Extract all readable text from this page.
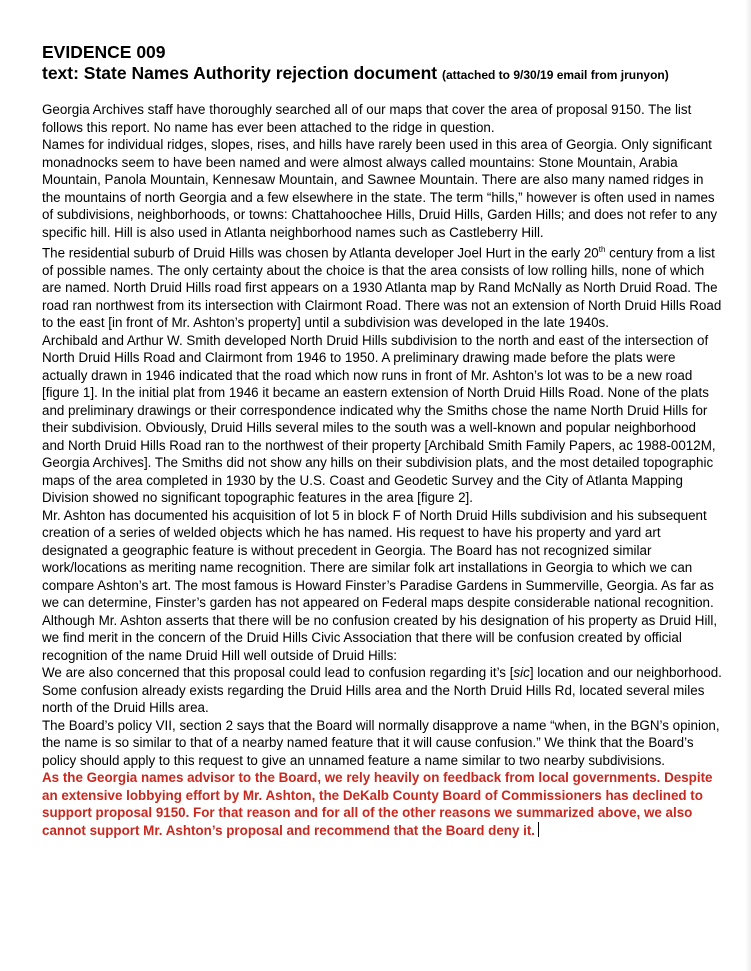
EVIDENCE 009
text: State Names Authority rejection document (attached to 9/30/19 email from jrunyon)

Georgia Archives staff have thoroughly searched all of our maps that cover the area of proposal 9150. The list follows this report. No name has ever been attached to the ridge in question.

Names for individual ridges, slopes, rises, and hills have rarely been used in this area of Georgia. Only significant monadnocks seem to have been named and were almost always called mountains: Stone Mountain, Arabia Mountain, Panola Mountain, Kennesaw Mountain, and Sawnee Mountain. There are also many named ridges in the mountains of north Georgia and a few elsewhere in the state. The term “hills,” however is often used in names of subdivisions, neighborhoods, or towns: Chattahoochee Hills, Druid Hills, Garden Hills; and does not refer to any specific hill. Hill is also used in Atlanta neighborhood names such as Castleberry Hill.

The residential suburb of Druid Hills was chosen by Atlanta developer Joel Hurt in the early 20th century from a list of possible names. The only certainty about the choice is that the area consists of low rolling hills, none of which are named. North Druid Hills road first appears on a 1930 Atlanta map by Rand McNally as North Druid Road. The road ran northwest from its intersection with Clairmont Road. There was not an extension of North Druid Hills Road to the east [in front of Mr. Ashton’s property] until a subdivision was developed in the late 1940s.

Archibald and Arthur W. Smith developed North Druid Hills subdivision to the north and east of the intersection of North Druid Hills Road and Clairmont from 1946 to 1950. A preliminary drawing made before the plats were actually drawn in 1946 indicated that the road which now runs in front of Mr. Ashton’s lot was to be a new road [figure 1]. In the initial plat from 1946 it became an eastern extension of North Druid Hills Road. None of the plats and preliminary drawings or their correspondence indicated why the Smiths chose the name North Druid Hills for their subdivision. Obviously, Druid Hills several miles to the south was a well-known and popular neighborhood and North Druid Hills Road ran to the northwest of their property [Archibald Smith Family Papers, ac 1988-0012M, Georgia Archives]. The Smiths did not show any hills on their subdivision plats, and the most detailed topographic maps of the area completed in 1930 by the U.S. Coast and Geodetic Survey and the City of Atlanta Mapping Division showed no significant topographic features in the area [figure 2].

Mr. Ashton has documented his acquisition of lot 5 in block F of North Druid Hills subdivision and his subsequent creation of a series of welded objects which he has named. His request to have his property and yard art designated a geographic feature is without precedent in Georgia. The Board has not recognized similar work/locations as meriting name recognition. There are similar folk art installations in Georgia to which we can compare Ashton’s art. The most famous is Howard Finster’s Paradise Gardens in Summerville, Georgia. As far as we can determine, Finster’s garden has not appeared on Federal maps despite considerable national recognition.

Although Mr. Ashton asserts that there will be no confusion created by his designation of his property as Druid Hill, we find merit in the concern of the Druid Hills Civic Association that there will be confusion created by official recognition of the name Druid Hill well outside of Druid Hills:

We are also concerned that this proposal could lead to confusion regarding it’s [sic] location and our neighborhood. Some confusion already exists regarding the Druid Hills area and the North Druid Hills Rd, located several miles north of the Druid Hills area.

The Board’s policy VII, section 2 says that the Board will normally disapprove a name “when, in the BGN’s opinion, the name is so similar to that of a nearby named feature that it will cause confusion.” We think that the Board’s policy should apply to this request to give an unnamed feature a name similar to two nearby subdivisions.

As the Georgia names advisor to the Board, we rely heavily on feedback from local governments. Despite an extensive lobbying effort by Mr. Ashton, the DeKalb County Board of Commissioners has declined to support proposal 9150. For that reason and for all of the other reasons we summarized above, we also cannot support Mr. Ashton’s proposal and recommend that the Board deny it.
